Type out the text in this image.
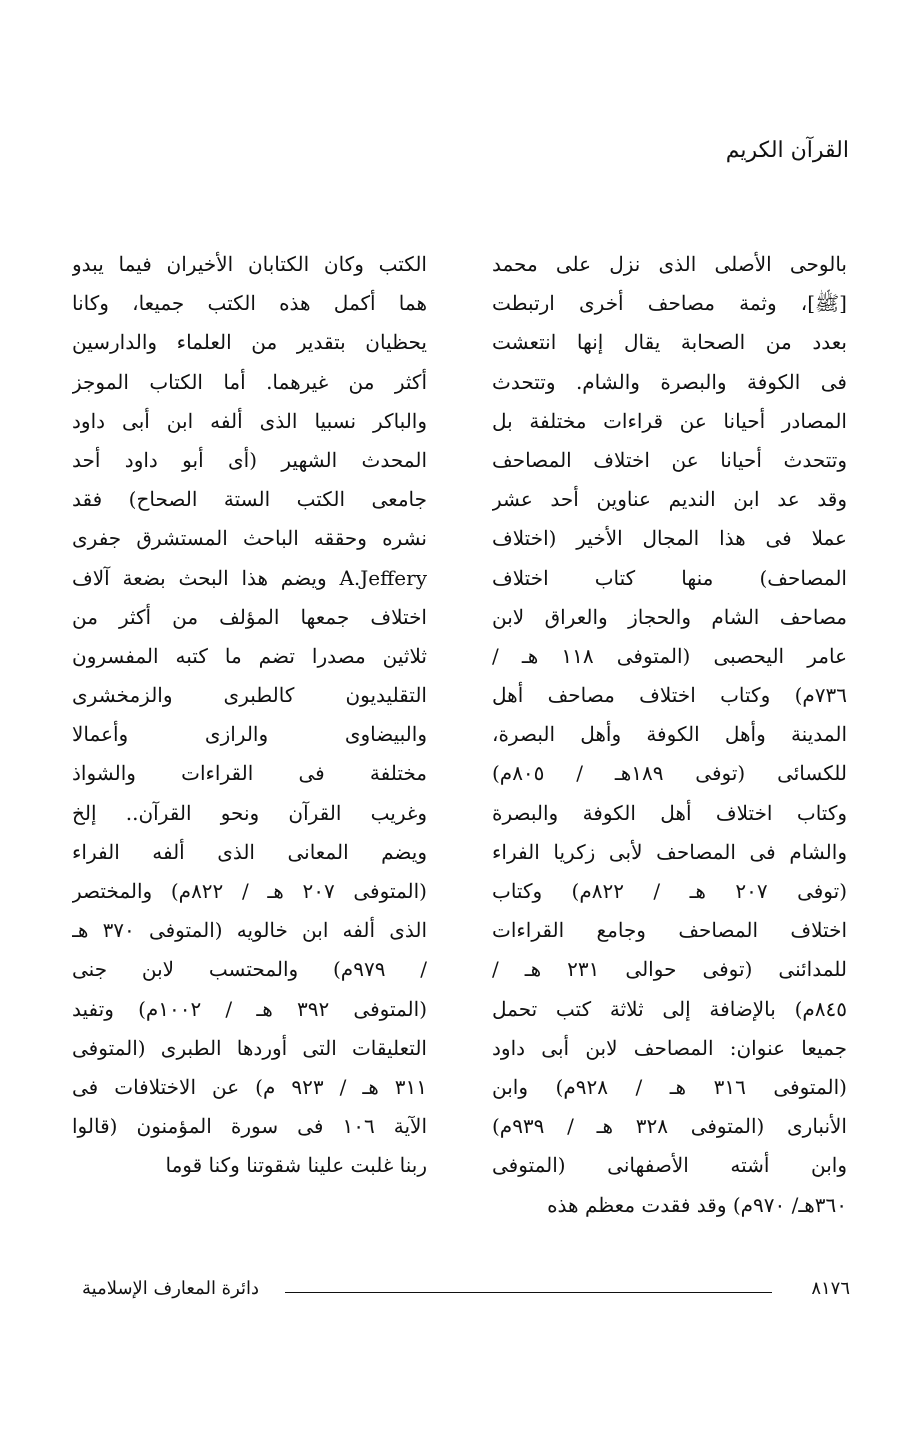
القرآن الكريم
بالوحى الأصلى الذى نزل على محمد
[ﷺ]، وثمة مصاحف أخرى ارتبطت
بعدد من الصحابة يقال إنها انتعشت
فى الكوفة والبصرة والشام. وتتحدث
المصادر أحيانا عن قراءات مختلفة بل
وتتحدث أحيانا عن اختلاف المصاحف
وقد عد ابن النديم عناوين أحد عشر
عملا فى هذا المجال الأخير (اختلاف
المصاحف) منها كتاب اختلاف
مصاحف الشام والحجاز والعراق لابن
عامر اليحصبى (المتوفى ١١٨ هـ /
٧٣٦م) وكتاب اختلاف مصاحف أهل
المدينة وأهل الكوفة وأهل البصرة،
للكسائى (توفى ١٨٩هـ / ٨٠٥م)
وكتاب اختلاف أهل الكوفة والبصرة
والشام فى المصاحف لأبى زكريا الفراء
(توفى ٢٠٧ هـ / ٨٢٢م) وكتاب
اختلاف المصاحف وجامع القراءات
للمدائنى (توفى حوالى ٢٣١ هـ /
٨٤٥م) بالإضافة إلى ثلاثة كتب تحمل
جميعا عنوان: المصاحف لابن أبى داود
(المتوفى ٣١٦ هـ / ٩٢٨م) وابن
الأنبارى (المتوفى ٣٢٨ هـ / ٩٣٩م)
وابن أشته الأصفهانى (المتوفى
٣٦٠هـ/ ٩٧٠م) وقد فقدت معظم هذه
الكتب وكان الكتابان الأخيران فيما يبدو
هما أكمل هذه الكتب جميعا، وكانا
يحظيان بتقدير من العلماء والدارسين
أكثر من غيرهما. أما الكتاب الموجز
والباكر نسبيا الذى ألفه ابن أبى داود
المحدث الشهير (أى أبو داود أحد
جامعى الكتب الستة الصحاح) فقد
نشره وحققه الباحث المستشرق جفرى
A.Jeffery ويضم هذا البحث بضعة آلاف
اختلاف جمعها المؤلف من أكثر من
ثلاثين مصدرا تضم ما كتبه المفسرون
التقليديون كالطبرى والزمخشرى
والبيضاوى والرازى وأعمالا
مختلفة فى القراءات والشواذ
وغريب القرآن ونحو القرآن.. إلخ
ويضم المعانى الذى ألفه الفراء
(المتوفى ٢٠٧ هـ / ٨٢٢م) والمختصر
الذى ألفه ابن خالويه (المتوفى ٣٧٠ هـ
/ ٩٧٩م) والمحتسب لابن جنى
(المتوفى ٣٩٢ هـ / ١٠٠٢م) وتفيد
التعليقات التى أوردها الطبرى (المتوفى
٣١١ هـ / ٩٢٣ م) عن الاختلافات فى
الآية ١٠٦ فى سورة المؤمنون (قالوا
ربنا غلبت علينا شقوتنا وكنا قوما
٨١٧٦
دائرة المعارف الإسلامية
